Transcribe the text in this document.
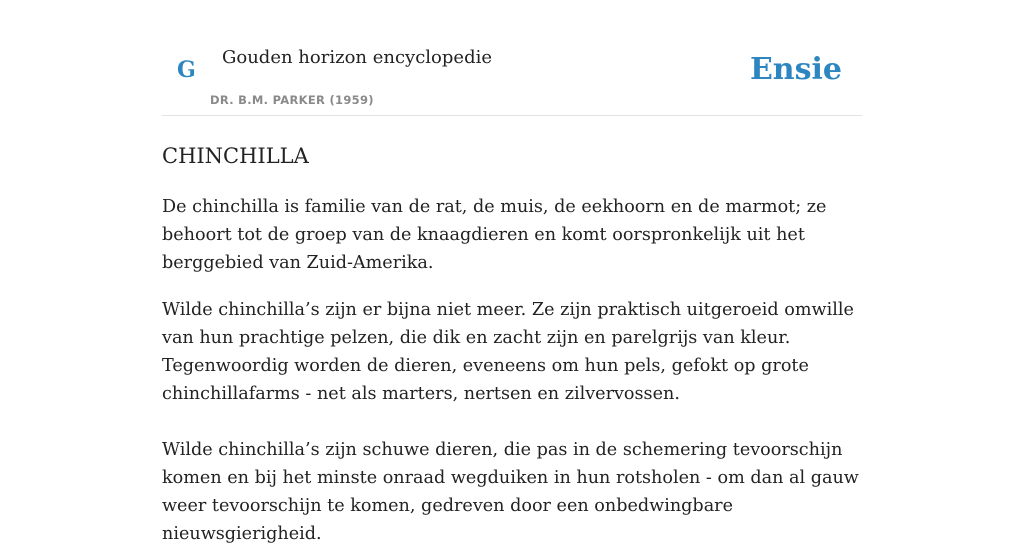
G Gouden horizon encyclopedie
DR. B.M. PARKER (1959)
Ensie
CHINCHILLA

De chinchilla is familie van de rat, de muis, de eekhoorn en de marmot; ze behoort tot de groep van de knaagdieren en komt oorspronkelijk uit het berggebied van Zuid-Amerika.

Wilde chinchilla’s zijn er bijna niet meer. Ze zijn praktisch uitgeroeid omwille van hun prachtige pelzen, die dik en zacht zijn en parelgrijs van kleur. Tegenwoordig worden de dieren, eveneens om hun pels, gefokt op grote chinchillafarms - net als marters, nertsen en zilvervossen.

Wilde chinchilla’s zijn schuwe dieren, die pas in de schemering tevoorschijn komen en bij het minste onraad wegduiken in hun rotsholen - om dan al gauw weer tevoorschijn te komen, gedreven door een onbedwingbare nieuwsgierigheid.
